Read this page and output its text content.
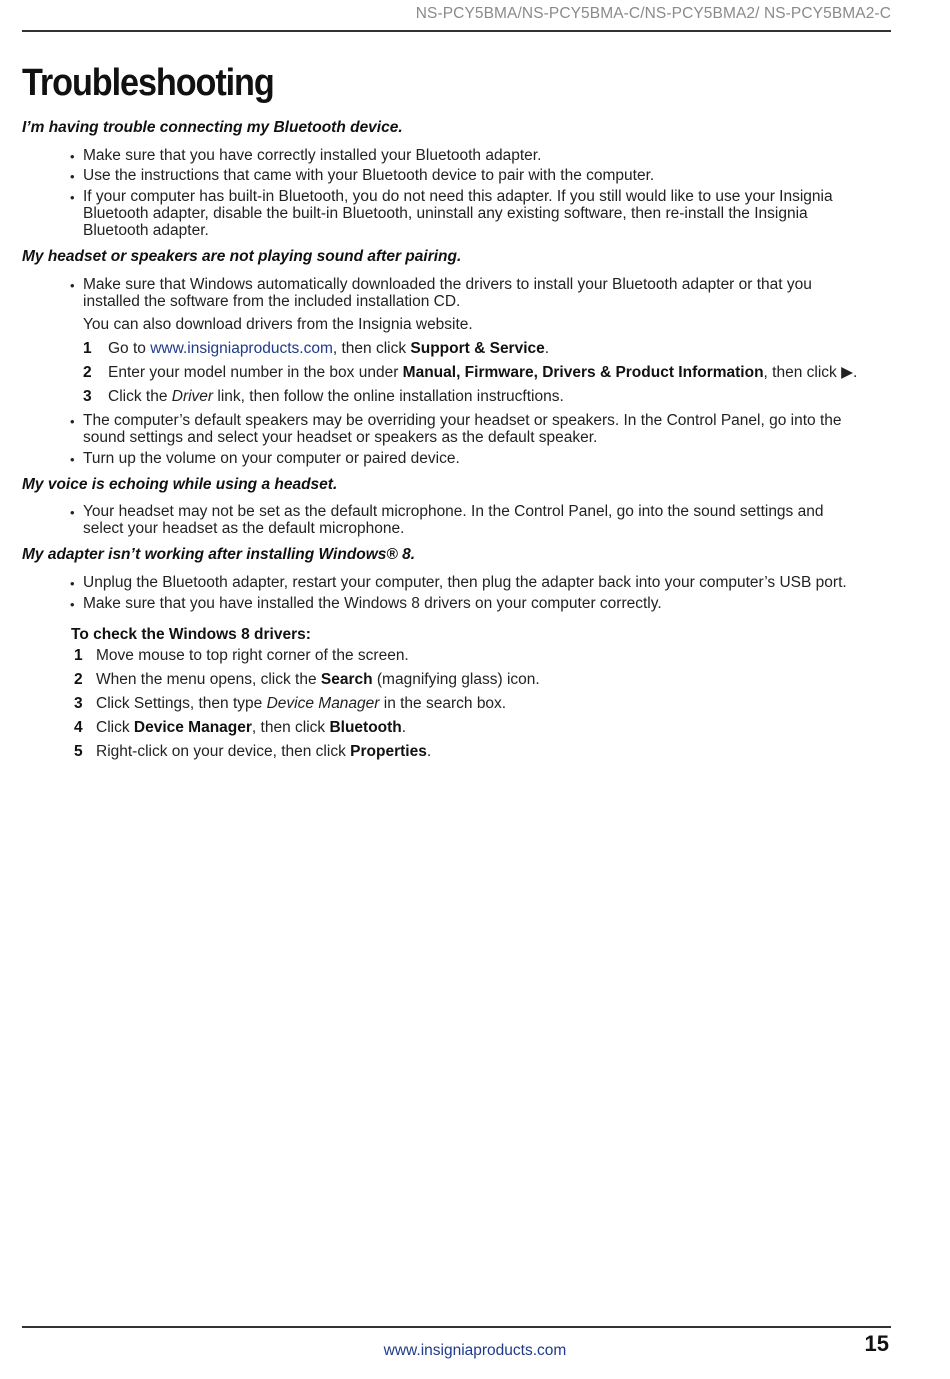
NS-PCY5BMA/NS-PCY5BMA-C/NS-PCY5BMA2/ NS-PCY5BMA2-C
Troubleshooting

I’m having trouble connecting my Bluetooth device.

• Make sure that you have correctly installed your Bluetooth adapter.

• Use the instructions that came with your Bluetooth device to pair with the computer.

• If your computer has built-in Bluetooth, you do not need this adapter. If you still would like to use your Insignia

Bluetooth adapter, disable the built-in Bluetooth, uninstall any existing software, then re-install the Insignia

Bluetooth adapter.

My headset or speakers are not playing sound after pairing.

• Make sure that Windows automatically downloaded the drivers to install your Bluetooth adapter or that you

installed the software from the included installation CD.

You can also download drivers from the Insignia website.

1 Go to www.insigniaproducts.com, then click Support & Service.

2 Enter your model number in the box under Manual, Firmware, Drivers & Product Information, then click ▶.

3 Click the Driver link, then follow the online installation instrucftions.

• The computer’s default speakers may be overriding your headset or speakers. In the Control Panel, go into the

sound settings and select your headset or speakers as the default speaker.

• Turn up the volume on your computer or paired device.

My voice is echoing while using a headset.

• Your headset may not be set as the default microphone. In the Control Panel, go into the sound settings and

select your headset as the default microphone.

My adapter isn’t working after installing Windows® 8.

• Unplug the Bluetooth adapter, restart your computer, then plug the adapter back into your computer’s USB port.

• Make sure that you have installed the Windows 8 drivers on your computer correctly.

To check the Windows 8 drivers:

1 Move mouse to top right corner of the screen.

2 When the menu opens, click the Search (magnifying glass) icon.

3 Click Settings, then type Device Manager in the search box.

4 Click Device Manager, then click Bluetooth.

5 Right-click on your device, then click Properties.

www.insigniaproducts.com	15
